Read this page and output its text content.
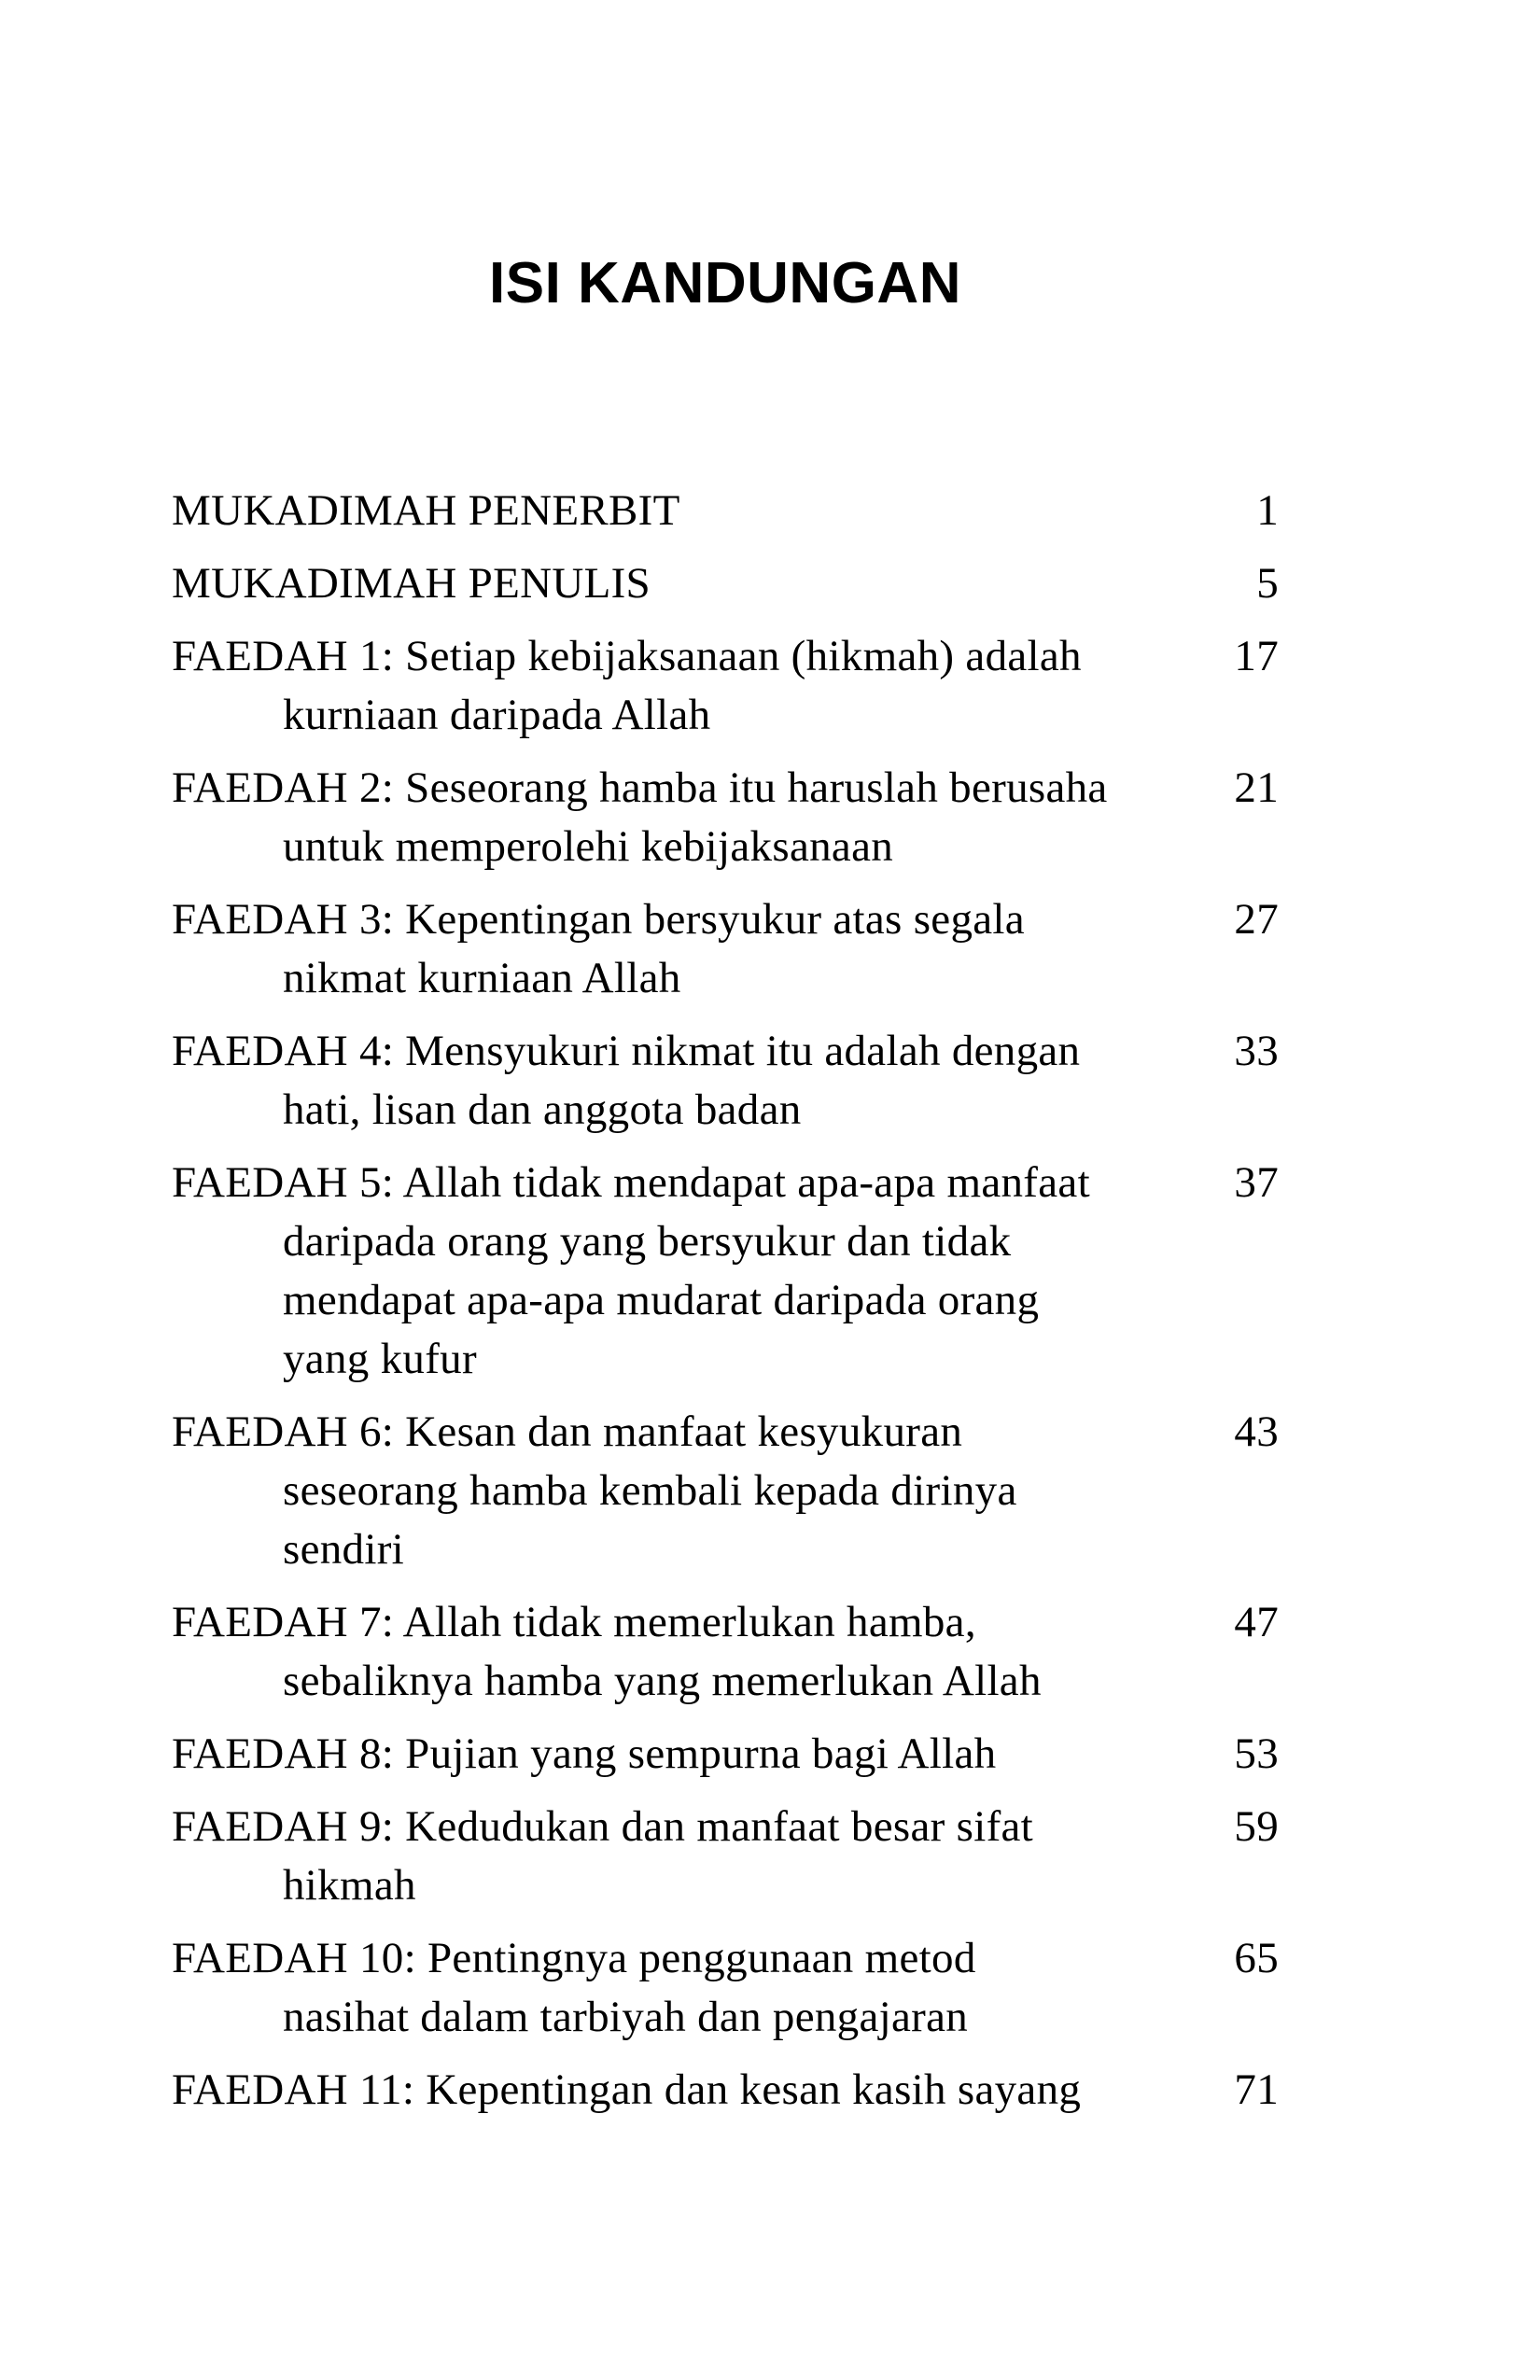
ISI KANDUNGAN
MUKADIMAH PENERBIT	1
MUKADIMAH PENULIS	5
FAEDAH 1: Setiap kebijaksanaan (hikmah) adalah	17
kurniaan daripada Allah
FAEDAH 2: Seseorang hamba itu haruslah berusaha	21
untuk memperolehi kebijaksanaan
FAEDAH 3: Kepentingan bersyukur atas segala	27
nikmat kurniaan Allah
FAEDAH 4: Mensyukuri nikmat itu adalah dengan	33
hati, lisan dan anggota badan
FAEDAH 5: Allah tidak mendapat apa-apa manfaat	37
daripada orang yang bersyukur dan tidak
mendapat apa-apa mudarat daripada orang
yang kufur
FAEDAH 6: Kesan dan manfaat kesyukuran	43
seseorang hamba kembali kepada dirinya
sendiri
FAEDAH 7: Allah tidak memerlukan hamba,	47
sebaliknya hamba yang memerlukan Allah
FAEDAH 8: Pujian yang sempurna bagi Allah	53
FAEDAH 9: Kedudukan dan manfaat besar sifat	59
hikmah
FAEDAH 10: Pentingnya penggunaan metod	65
nasihat dalam tarbiyah dan pengajaran
FAEDAH 11: Kepentingan dan kesan kasih sayang	71
